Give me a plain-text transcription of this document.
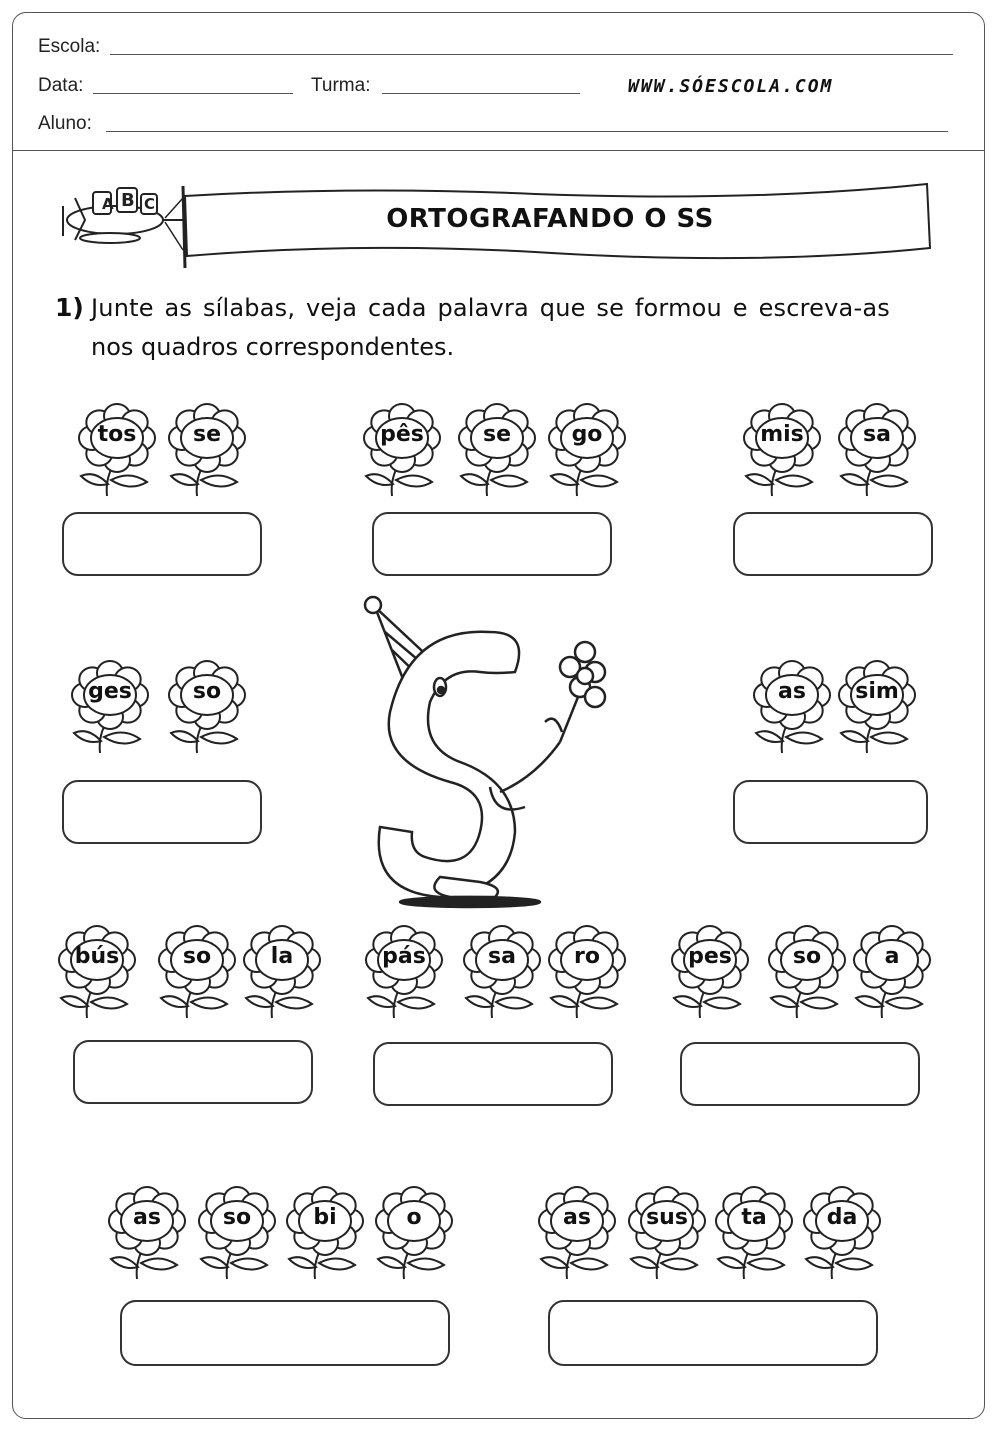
Escola:
Data:	Turma:	WWW.SÓESCOLA.COM
Aluno:
A B C	ORTOGRAFANDO O SS
1) Junte as sílabas, veja cada palavra que se formou e escreva-as
nos quadros correspondentes.
tos	se	pês	se	go	mis	sa
ges	so	as	sim
bús	so	la	pás	sa	ro	pes	so	a
as	so	bi	o	as	sus	ta	da
